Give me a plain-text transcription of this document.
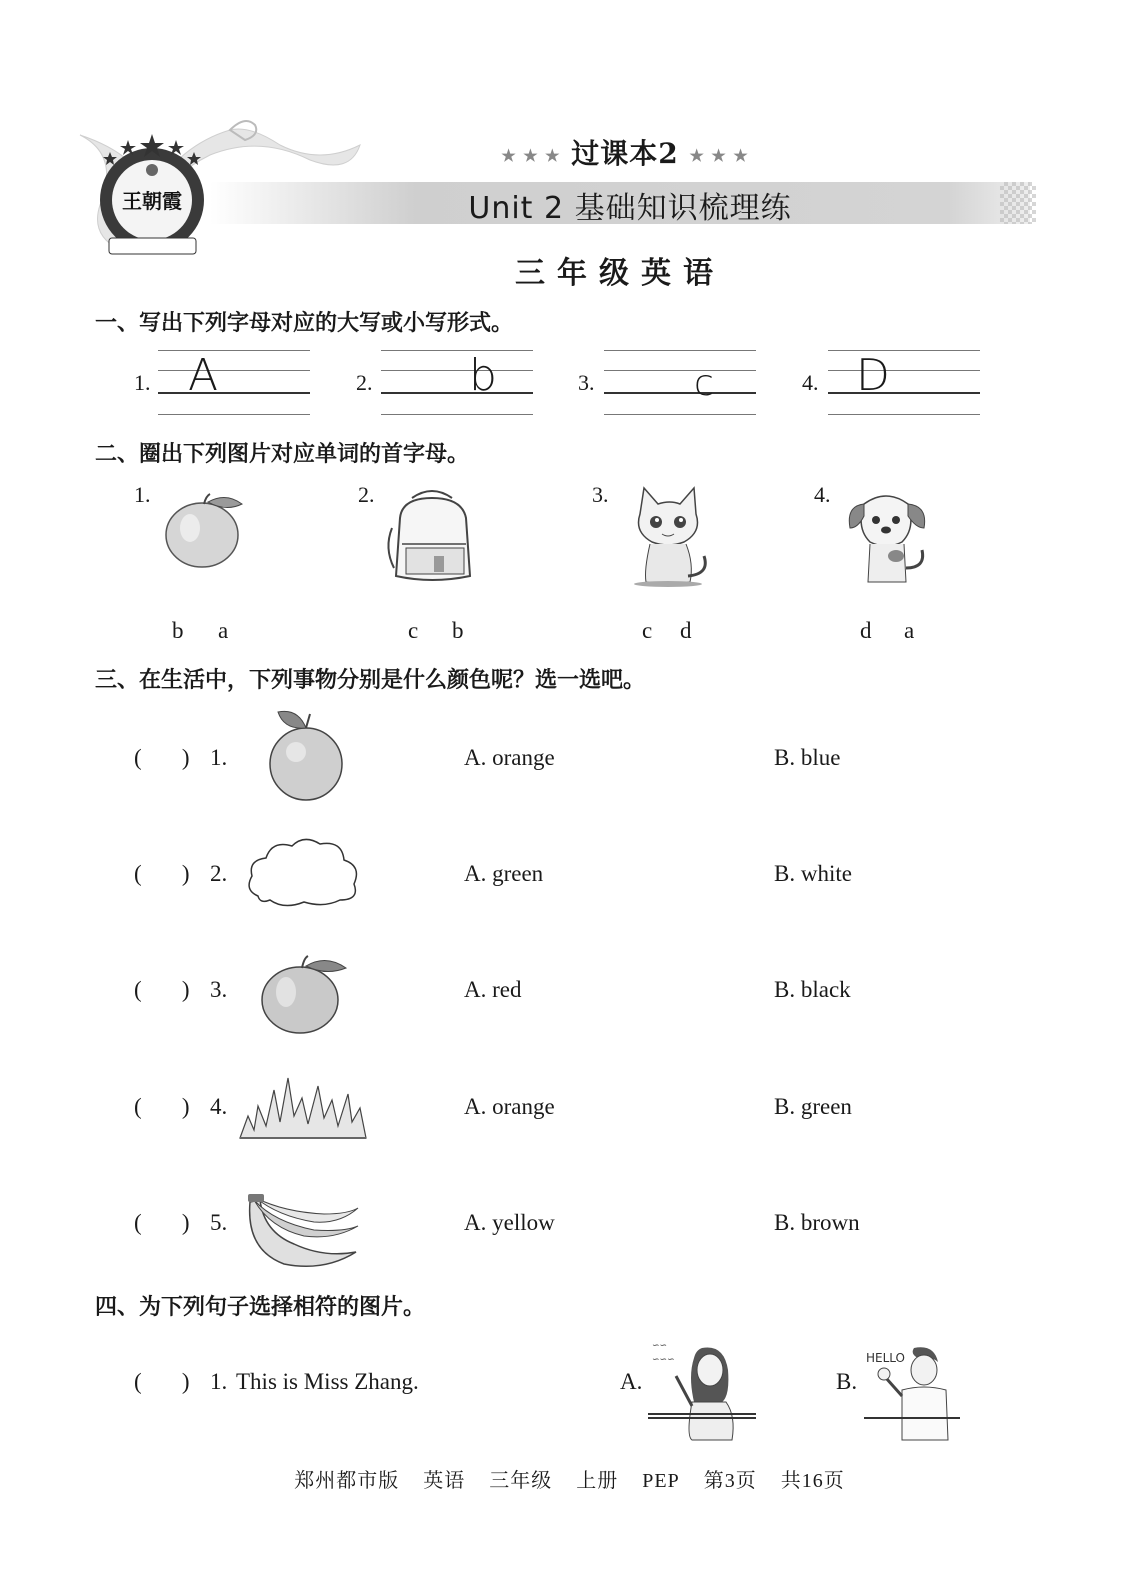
王朝霞
★ ★ ★ 过课本2 ★ ★ ★
Unit 2 基础知识梳理练
三年级英语
一、写出下列字母对应的大写或小写形式。
1. A	2. b	3.	c	4. D
二、圈出下列图片对应单词的首字母。
1.
b a
2.
c b
3.
c d
4.
d a
三、在生活中，下列事物分别是什么颜色呢？选一选吧。
(       ) 1.	A. orange	B. blue
(       ) 2.	A. green	B. white
(       ) 3.	A. red	B. black
(       ) 4.	A. orange	B. green
(       ) 5.	A. yellow	B. brown
四、为下列句子选择相符的图片。
(       ) 1. This is Miss Zhang.	A.
∽∽
∽∽∽
B.
HELLO
郑州都市版 英语 三年级 上册 PEP 第3页 共16页
